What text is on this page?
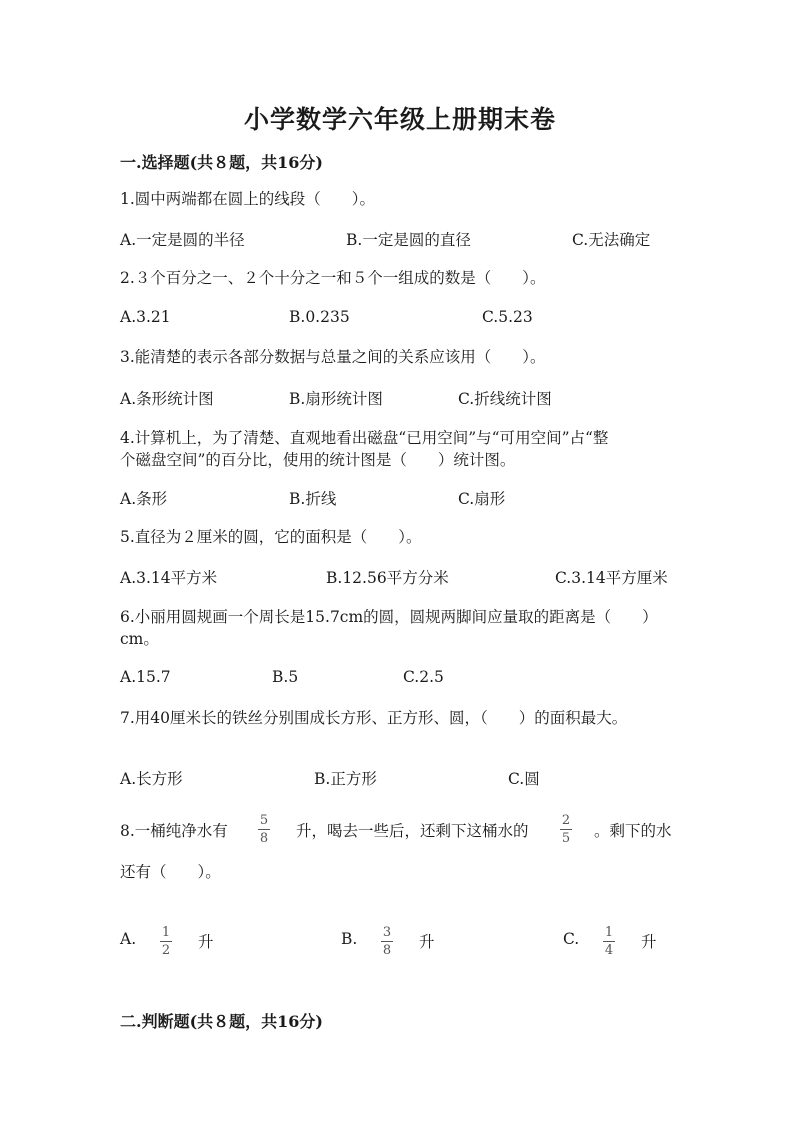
小学数学六年级上册期末卷
一.选择题(共８题，共16分)
1.圆中两端都在圆上的线段（　　）。
A.一定是圆的半径	B.一定是圆的直径	C.无法确定
2.３个百分之一、２个十分之一和５个一组成的数是（　　）。
A.3.21	B.0.235	C.5.23
3.能清楚的表示各部分数据与总量之间的关系应该用（　　）。
A.条形统计图	B.扇形统计图	C.折线统计图
4.计算机上，为了清楚、直观地看出磁盘“已用空间”与“可用空间”占“整
个磁盘空间”的百分比，使用的统计图是（　　）统计图。
A.条形	B.折线	C.扇形
5.直径为２厘米的圆，它的面积是（　　）。
A.3.14平方米	B.12.56平方分米	C.3.14平方厘米
6.小丽用圆规画一个周长是15.7cm的圆，圆规两脚间应量取的距离是（　　）
cm。
A.15.7	B.5	C.2.5
7.用40厘米长的铁丝分别围成长方形、正方形、圆，（　　）的面积最大。
A.长方形	B.正方形	C.圆
8.一桶纯净水有
5
8 升，喝去一些后，还剩下这桶水的
2
5 。剩下的水
还有（　　）。
A. 1
2 升	B. 3
8 升	C. 1
4 升
二.判断题(共８题，共16分)
